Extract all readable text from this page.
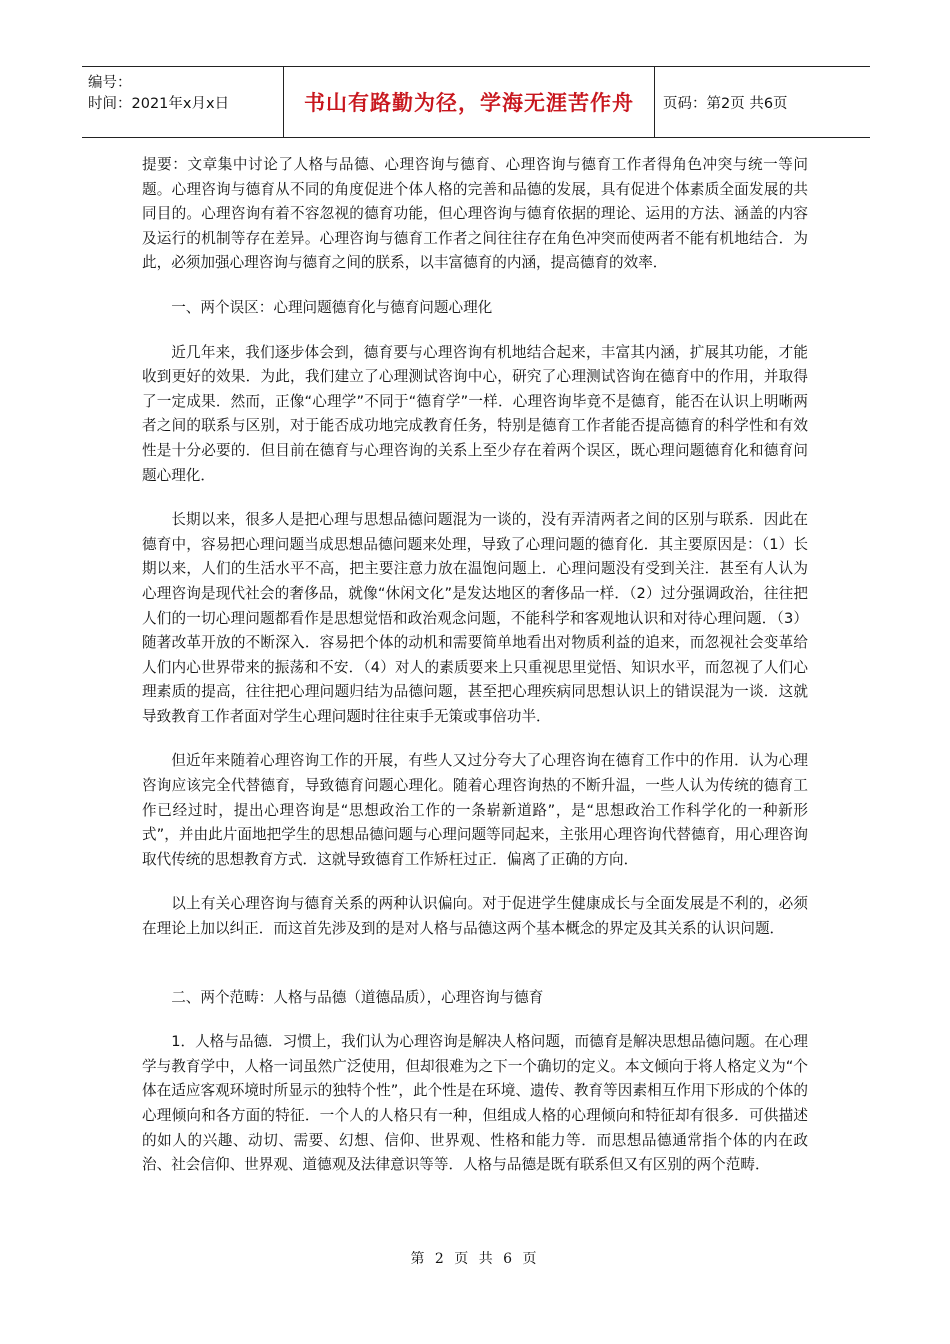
编号：
时间：2021年x月x日	书山有路勤为径，学海无涯苦作舟 页码：第2页 共6页

提要：文章集中讨论了人格与品德、心理咨询与德育、心理咨询与德育工作者得角色冲突与统一等问题。心理咨询与德育从不同的角度促进个体人格的完善和品德的发展，具有促进个体素质全面发展的共同目的。心理咨询有着不容忽视的德育功能，但心理咨询与德育依据的理论、运用的方法、涵盖的内容及运行的机制等存在差异。心理咨询与德育工作者之间往往存在角色冲突而使两者不能有机地结合．为此，必须加强心理咨询与德育之间的朕系，以丰富德育的内涵，提高德育的效率．

一、两个误区：心理问题德育化与德育问题心理化

近几年来，我们逐步体会到，德育要与心理咨询有机地结合起来，丰富其内涵，扩展其功能，才能收到更好的效果．为此，我们建立了心理测试咨询中心，研究了心理测试咨询在德育中的作用，并取得了一定成果．然而，正像“心理学”不同于“德育学”一样．心理咨询毕竟不是德育，能否在认识上明晰两者之间的联系与区别，对于能否成功地完成教育任务，特别是德育工作者能否提高德育的科学性和有效性是十分必要的．但目前在德育与心理咨询的关系上至少存在着两个误区，既心理问题德育化和德育问题心理化．

长期以来，很多人是把心理与思想品德问题混为一谈的，没有弄清两者之间的区别与联系．因此在德育中，容易把心理问题当成思想品德问题来处理，导致了心理问题的德育化．其主要原因是：（1）长期以来，人们的生活水平不高，把主要注意力放在温饱问题上．心理问题没有受到关注．甚至有人认为心理咨询是现代社会的奢侈品，就像“休闲文化”是发达地区的奢侈品一样．（2）过分强调政治，往往把人们的一切心理问题都看作是思想觉悟和政治观念问题，不能科学和客观地认识和对待心理问题．（3）随著改革开放的不断深入．容易把个体的动机和需要简单地看出对物质利益的追来，而忽视社会变革给人们内心世界带来的振荡和不安．（4）对人的素质要来上只重视思里觉悟、知识水平，而忽视了人们心理素质的提高，往往把心理问题归结为品德问题，甚至把心理疾病同思想认识上的错误混为一谈．这就导致教育工作者面对学生心理问题时往往束手无策或事倍功半．

但近年来随着心理咨询工作的开展，有些人又过分夸大了心理咨询在德育工作中的作用．认为心理咨询应该完全代替德育，导致德育问题心理化。随着心理咨询热的不断升温，一些人认为传统的德育工作已经过时，提出心理咨询是“思想政治工作的一条崭新道路”，是“思想政治工作科学化的一种新形式”，并由此片面地把学生的思想品德问题与心理问题等同起来，主张用心理咨询代替德育，用心理咨询取代传统的思想教育方式．这就导致德育工作矫枉过正．偏离了正确的方向．

以上有关心理咨询与德育关系的两种认识偏向。对于促进学生健康成长与全面发展是不利的，必须在理论上加以纠正．而这首先涉及到的是对人格与品德这两个基本概念的界定及其关系的认识问题．

二、两个范畴：人格与品德（道德品质），心理咨询与德育

1．人格与品德．习惯上，我们认为心理咨询是解决人格问题，而德育是解决思想品德问题。在心理学与教育学中，人格一词虽然广泛使用，但却很难为之下一个确切的定义。本文倾向于将人格定义为“个体在适应客观环境时所显示的独特个性”，此个性是在环境、遗传、教育等因素相互作用下形成的个体的心理倾向和各方面的特征．一个人的人格只有一种，但组成人格的心理倾向和特征却有很多．可供描述的如人的兴趣、动切、需要、幻想、信仰、世界观、性格和能力等．而思想品德通常指个体的内在政治、社会信仰、世界观、道德观及法律意识等等．人格与品德是既有联系但又有区别的两个范畴．

第 2 页 共 6 页
